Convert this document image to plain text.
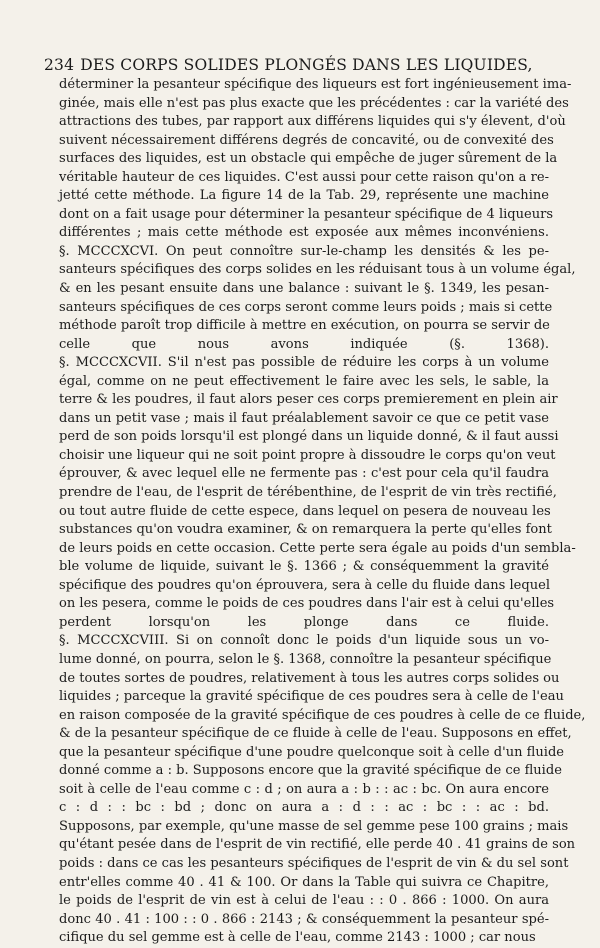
234 DES CORPS SOLIDES PLONGÉS DANS LES LIQUIDES,
déterminer la pesanteur spécifique des liqueurs est fort ingénieusement ima-
ginée, mais elle n'est pas plus exacte que les précédentes : car la variété des
attractions des tubes, par rapport aux différens liquides qui s'y élevent, d'où
suivent nécessairement différens degrés de concavité, ou de convexité des
surfaces des liquides, est un obstacle qui empêche de juger sûrement de la
véritable hauteur de ces liquides. C'est aussi pour cette raison qu'on a re-
jetté cette méthode. La figure 14 de la Tab. 29, représente une machine
dont on a fait usage pour déterminer la pesanteur spécifique de 4 liqueurs
différentes ; mais cette méthode est exposée aux mêmes inconvéniens.
§. MCCCXCVI. On peut connoître sur-le-champ les densités & les pe-
santeurs spécifiques des corps solides en les réduisant tous à un volume égal,
& en les pesant ensuite dans une balance : suivant le §. 1349, les pesan-
santeurs spécifiques de ces corps seront comme leurs poids ; mais si cette
méthode paroît trop difficile à mettre en exécution, on pourra se servir de
celle que nous avons indiquée (§. 1368).
§. MCCCXCVII. S'il n'est pas possible de réduire les corps à un volume
égal, comme on ne peut effectivement le faire avec les sels, le sable, la
terre & les poudres, il faut alors peser ces corps premierement en plein air
dans un petit vase ; mais il faut préalablement savoir ce que ce petit vase
perd de son poids lorsqu'il est plongé dans un liquide donné, & il faut aussi
choisir une liqueur qui ne soit point propre à dissoudre le corps qu'on veut
éprouver, & avec lequel elle ne fermente pas : c'est pour cela qu'il faudra
prendre de l'eau, de l'esprit de térébenthine, de l'esprit de vin très rectifié,
ou tout autre fluide de cette espece, dans lequel on pesera de nouveau les
substances qu'on voudra examiner, & on remarquera la perte qu'elles font
de leurs poids en cette occasion. Cette perte sera égale au poids d'un sembla-
ble volume de liquide, suivant le §. 1366 ; & conséquemment la gravité
spécifique des poudres qu'on éprouvera, sera à celle du fluide dans lequel
on les pesera, comme le poids de ces poudres dans l'air est à celui qu'elles
perdent lorsqu'on les plonge dans ce fluide.
§. MCCCXCVIII. Si on connoît donc le poids d'un liquide sous un vo-
lume donné, on pourra, selon le §. 1368, connoître la pesanteur spécifique
de toutes sortes de poudres, relativement à tous les autres corps solides ou
liquides ; parceque la gravité spécifique de ces poudres sera à celle de l'eau
en raison composée de la gravité spécifique de ces poudres à celle de ce fluide,
& de la pesanteur spécifique de ce fluide à celle de l'eau. Supposons en effet,
que la pesanteur spécifique d'une poudre quelconque soit à celle d'un fluide
donné comme a : b. Supposons encore que la gravité spécifique de ce fluide
soit à celle de l'eau comme c : d ; on aura a : b : : ac : bc. On aura encore
c : d : : bc : bd ; donc on aura a : d : : ac : bc : : ac : bd.
Supposons, par exemple, qu'une masse de sel gemme pese 100 grains ; mais
qu'étant pesée dans de l'esprit de vin rectifié, elle perde 40 . 41 grains de son
poids : dans ce cas les pesanteurs spécifiques de l'esprit de vin & du sel sont
entr'elles comme 40 . 41 & 100. Or dans la Table qui suivra ce Chapitre,
le poids de l'esprit de vin est à celui de l'eau : : 0 . 866 : 1000. On aura
donc 40 . 41 : 100 : : 0 . 866 : 2143 ; & conséquemment la pesanteur spé-
cifique du sel gemme est à celle de l'eau, comme 2143 : 1000 ; car nous
